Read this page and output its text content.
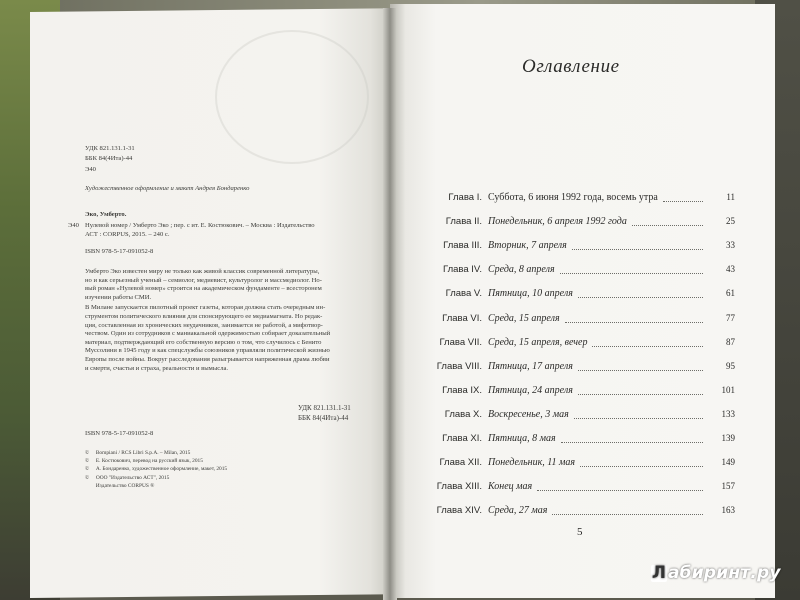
УДК 821.131.1-31
ББК 84(4Ита)-44
Э40
Художественное оформление и макет Андрея Бондаренко
Эко, Умберто.
Э40 Нулевой номер / Умберто Эко ; пер. с ит. Е. Костюкович. – Москва : Издательство
АСТ : CORPUS, 2015. – 240 с.
ISBN 978-5-17-091052-8
Умберто Эко известен миру не только как живой классик современной литературы,
но и как серьезный ученый – семиолог, медиевист, культуролог и массмедиолог. Но-
вый роман «Нулевой номер» строится на академическом фундаменте – всесторонем
изучении работы СМИ.
В Милане запускается пилотный проект газеты, которая должна стать очередным ин-
струментом политического влияния для спонсирующего ее медиамагната. Но редак-
ция, составленная из хронических неудачников, занимается не работой, а мифотвор-
чеством. Один из сотрудников с маниакальной одержимостью собирает доказательный
материал, подтверждающий его собственную версию о том, что случилось с Бенито
Муссолини в 1945 году и как спецслужбы союзников управляли политической жизнью
Европы после войны. Вокруг расследования разыгрывается напряженная драма любви
и смерти, счастья и страха, реальности и вымысла.
УДК 821.131.1-31
ББК 84(4Ита)-44
ISBN 978-5-17-091052-8
©     Bompiani / RCS Libri S.p.A. – Milan, 2015
©     Е. Костюкович, перевод на русский язык, 2015
©     А. Бондаренко, художественное оформление, макет, 2015
©     ООО "Издательство АСТ", 2015
Издательство CORPUS ®
Оглавление
Глава I. Суббота, 6 июня 1992 года, восемь утра	11
Глава II. Понедельник, 6 апреля 1992 года	25
Глава III. Вторник, 7 апреля	33
Глава IV. Среда, 8 апреля	43
Глава V. Пятница, 10 апреля	61
Глава VI. Среда, 15 апреля	77
Глава VII. Среда, 15 апреля, вечер	87
Глава VIII. Пятница, 17 апреля	95
Глава IX. Пятница, 24 апреля	101
Глава X. Воскресенье, 3 мая	133
Глава XI. Пятница, 8 мая	139
Глава XII. Понедельник, 11 мая	149
Глава XIII. Конец мая	157
Глава XIV. Среда, 27 мая	163
5
Л абиринт.ру
